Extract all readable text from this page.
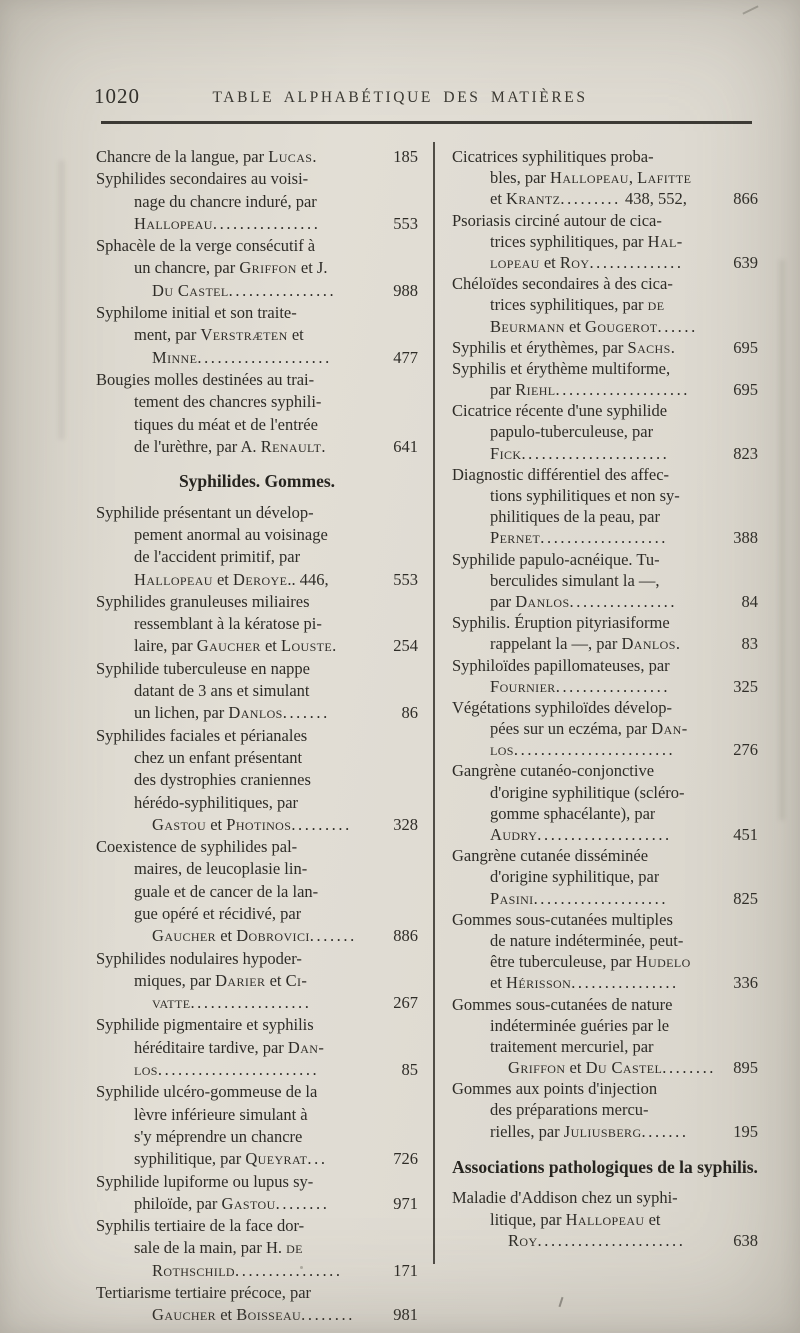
1020	TABLE ALPHABÉTIQUE DES MATIÈRES
Chancre de la langue, par Lucas.	185
Syphilides secondaires au voisi-
nage du chancre induré, par
Hallopeau................	553
Sphacèle de la verge consécutif à
un chancre, par Griffon et J.
Du Castel................	988
Syphilome initial et son traite-
ment, par Verstræten et
Minne....................	477
Bougies molles destinées au trai-
tement des chancres syphili-
tiques du méat et de l'entrée
de l'urèthre, par A. Renault.	641
Syphilides. Gommes.
Syphilide présentant un dévelop-
pement anormal au voisinage
de l'accident primitif, par
Hallopeau et Deroye.. 446,	553
Syphilides granuleuses miliaires
ressemblant à la kératose pi-
laire, par Gaucher et Louste.	254
Syphilide tuberculeuse en nappe
datant de 3 ans et simulant
un lichen, par Danlos.......	86
Syphilides faciales et périanales
chez un enfant présentant
des dystrophies craniennes
hérédo-syphilitiques, par
Gastou et Photinos.........	328
Coexistence de syphilides pal-
maires, de leucoplasie lin-
guale et de cancer de la lan-
gue opéré et récidivé, par
Gaucher et Dobrovici.......	886
Syphilides nodulaires hypoder-
miques, par Darier et Ci-
vatte..................	267
Syphilide pigmentaire et syphilis
héréditaire tardive, par Dan-
los........................	85
Syphilide ulcéro-gommeuse de la
lèvre inférieure simulant à
s'y méprendre un chancre
syphilitique, par Queyrat...	726
Syphilide lupiforme ou lupus sy-
philoïde, par Gastou........	971
Syphilis tertiaire de la face dor-
sale de la main, par H. de
Rothschild................	171
Tertiarisme tertiaire précoce, par
Gaucher et Boisseau........	981
Cicatrices syphilitiques proba-
bles, par Hallopeau, Lafitte
et Krantz......... 438, 552,	866
Psoriasis circiné autour de cica-
trices syphilitiques, par Hal-
lopeau et Roy..............	639
Chéloïdes secondaires à des cica-
trices syphilitiques, par de
Beurmann et Gougerot......
Syphilis et érythèmes, par Sachs.	695
Syphilis et érythème multiforme,
par Riehl....................	695
Cicatrice récente d'une syphilide
papulo-tuberculeuse, par
Fick......................	823
Diagnostic différentiel des affec-
tions syphilitiques et non sy-
philitiques de la peau, par
Pernet...................	388
Syphilide papulo-acnéique. Tu-
berculides simulant la —,
par Danlos................	84
Syphilis. Éruption pityriasiforme
rappelant la —, par Danlos.	83
Syphiloïdes papillomateuses, par
Fournier.................	325
Végétations syphiloïdes dévelop-
pées sur un eczéma, par Dan-
los........................	276
Gangrène cutanéo-conjonctive
d'origine syphilitique (scléro-
gomme sphacélante), par
Audry....................	451
Gangrène cutanée disséminée
d'origine syphilitique, par
Pasini....................	825
Gommes sous-cutanées multiples
de nature indéterminée, peut-
être tuberculeuse, par Hudelo
et Hérisson................	336
Gommes sous-cutanées de nature
indéterminée guéries par le
traitement mercuriel, par
Griffon et Du Castel........	895
Gommes aux points d'injection
des préparations mercu-
rielles, par Juliusberg.......	195
Associations pathologiques de la syphilis.
Maladie d'Addison chez un syphi-
litique, par Hallopeau et
Roy......................	638
